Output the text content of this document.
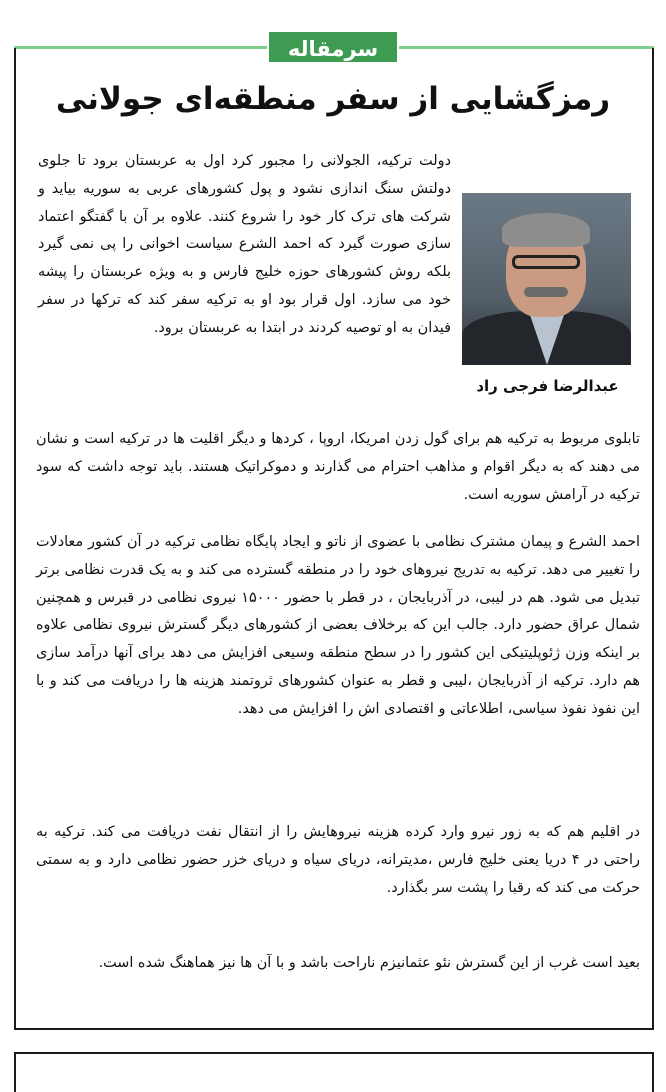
سرمقاله
رمزگشایی از سفر منطقه‌ای جولانی
عبدالرضا فرجی راد

دولت ترکیه، الجولانی را مجبور کرد اول به عربستان برود تا جلوی دولتش سنگ اندازی نشود و پول کشورهای عربی به سوریه بیاید و شرکت های ترک کار خود را شروع کنند. علاوه بر آن با گفتگو اعتماد سازی صورت گیرد که احمد الشرع سیاست اخوانی را پی نمی گیرد بلکه روش کشورهای حوزه خلیج فارس و به ویژه عربستان را پیشه خود می سازد. اول قرار بود او به ترکیه سفر کند که ترکها در سفر فیدان به او توصیه کردند در ابتدا به عربستان برود.

تابلوی مربوط به ترکیه هم برای گول زدن امریکا، اروپا ، کردها و دیگر اقلیت ها در ترکیه است و نشان می دهند که به دیگر اقوام و مذاهب احترام می گذارند و دموکراتیک هستند. باید توجه داشت که سود ترکیه در آرامش سوریه است.

احمد الشرع و پیمان مشترک نظامی با عضوی از ناتو و ایجاد پایگاه نظامی ترکیه در آن کشور معادلات را تغییر می دهد. ترکیه به تدریج نیروهای خود را در منطقه گسترده می کند و به یک قدرت نظامی برتر تبدیل می شود. هم در لیبی، در آذربایجان ، در قطر با حضور ۱۵۰۰۰ نیروی نظامی در قبرس و همچنین شمال عراق حضور دارد. جالب این که برخلاف بعضی از کشورهای دیگر گسترش نیروی نظامی علاوه بر اینکه وزن ژئوپلیتیکی این کشور را در سطح منطقه وسیعی افزایش می دهد برای آنها درآمد سازی هم دارد. ترکیه از آذربایجان ،لیبی و قطر به عنوان کشورهای ثروتمند هزینه ها را دریافت می کند و با این نفوذ نفوذ سیاسی، اطلاعاتی و اقتصادی اش را افزایش می دهد.

در اقلیم هم که به زور نیرو وارد کرده هزینه نیروهایش را از انتقال نفت دریافت می کند. ترکیه به راحتی در ۴ دریا یعنی خلیج فارس ،مدیترانه، دریای سیاه و دریای خزر حضور نظامی دارد و به سمتی حرکت می کند که رقبا را پشت سر بگذارد.

بعید است غرب از این گسترش نئو عثمانیزم ناراحت باشد و با آن ها نیز هماهنگ شده است.
